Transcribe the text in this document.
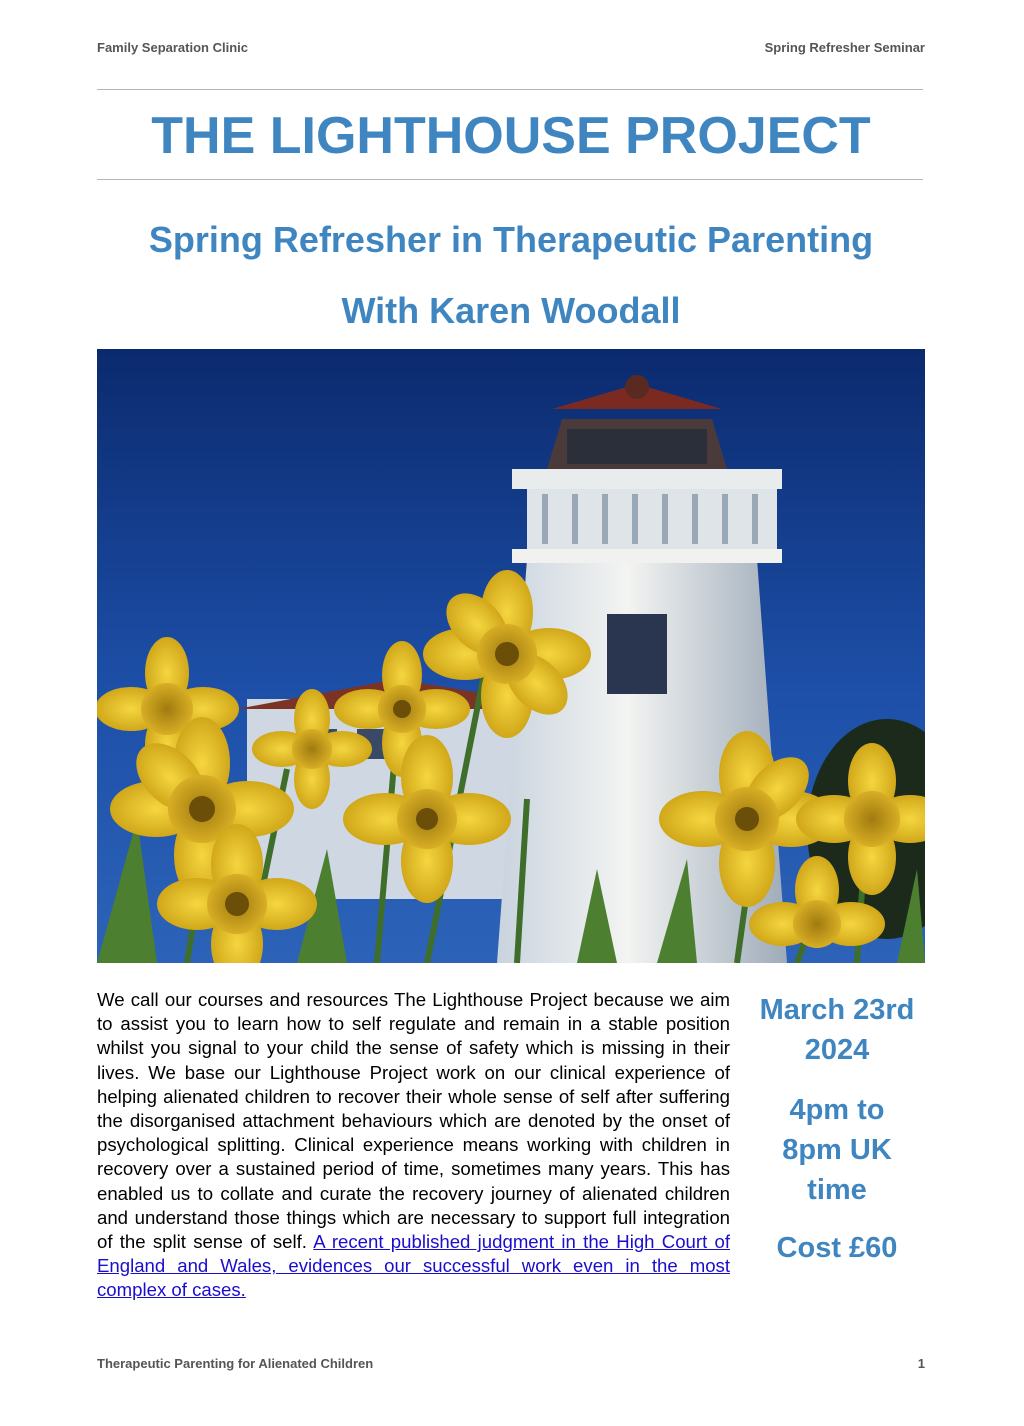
Family Separation Clinic	Spring Refresher Seminar
THE LIGHTHOUSE PROJECT
Spring Refresher in Therapeutic Parenting
With Karen Woodall

We call our courses and resources The Lighthouse Project because we aim to assist you to learn how to self regulate and remain in a stable position whilst you signal to your child the sense of safety which is missing in their lives. We base our Lighthouse Project work on our clinical experience of helping alienated children to recover their whole sense of self after suffering the disorganised attachment behaviours which are denoted by the onset of psychological splitting. Clinical experience means working with children in recovery over a sustained period of time, sometimes many years. This has enabled us to collate and curate the recovery journey of alienated children and understand those things which are necessary to support full integration of the split sense of self. A recent published judgment in the High Court of England and Wales, evidences our successful work even in the most complex of cases.

March 23rd
2024
4pm to
8pm UK
time
Cost £60
Therapeutic Parenting for Alienated Children	1
